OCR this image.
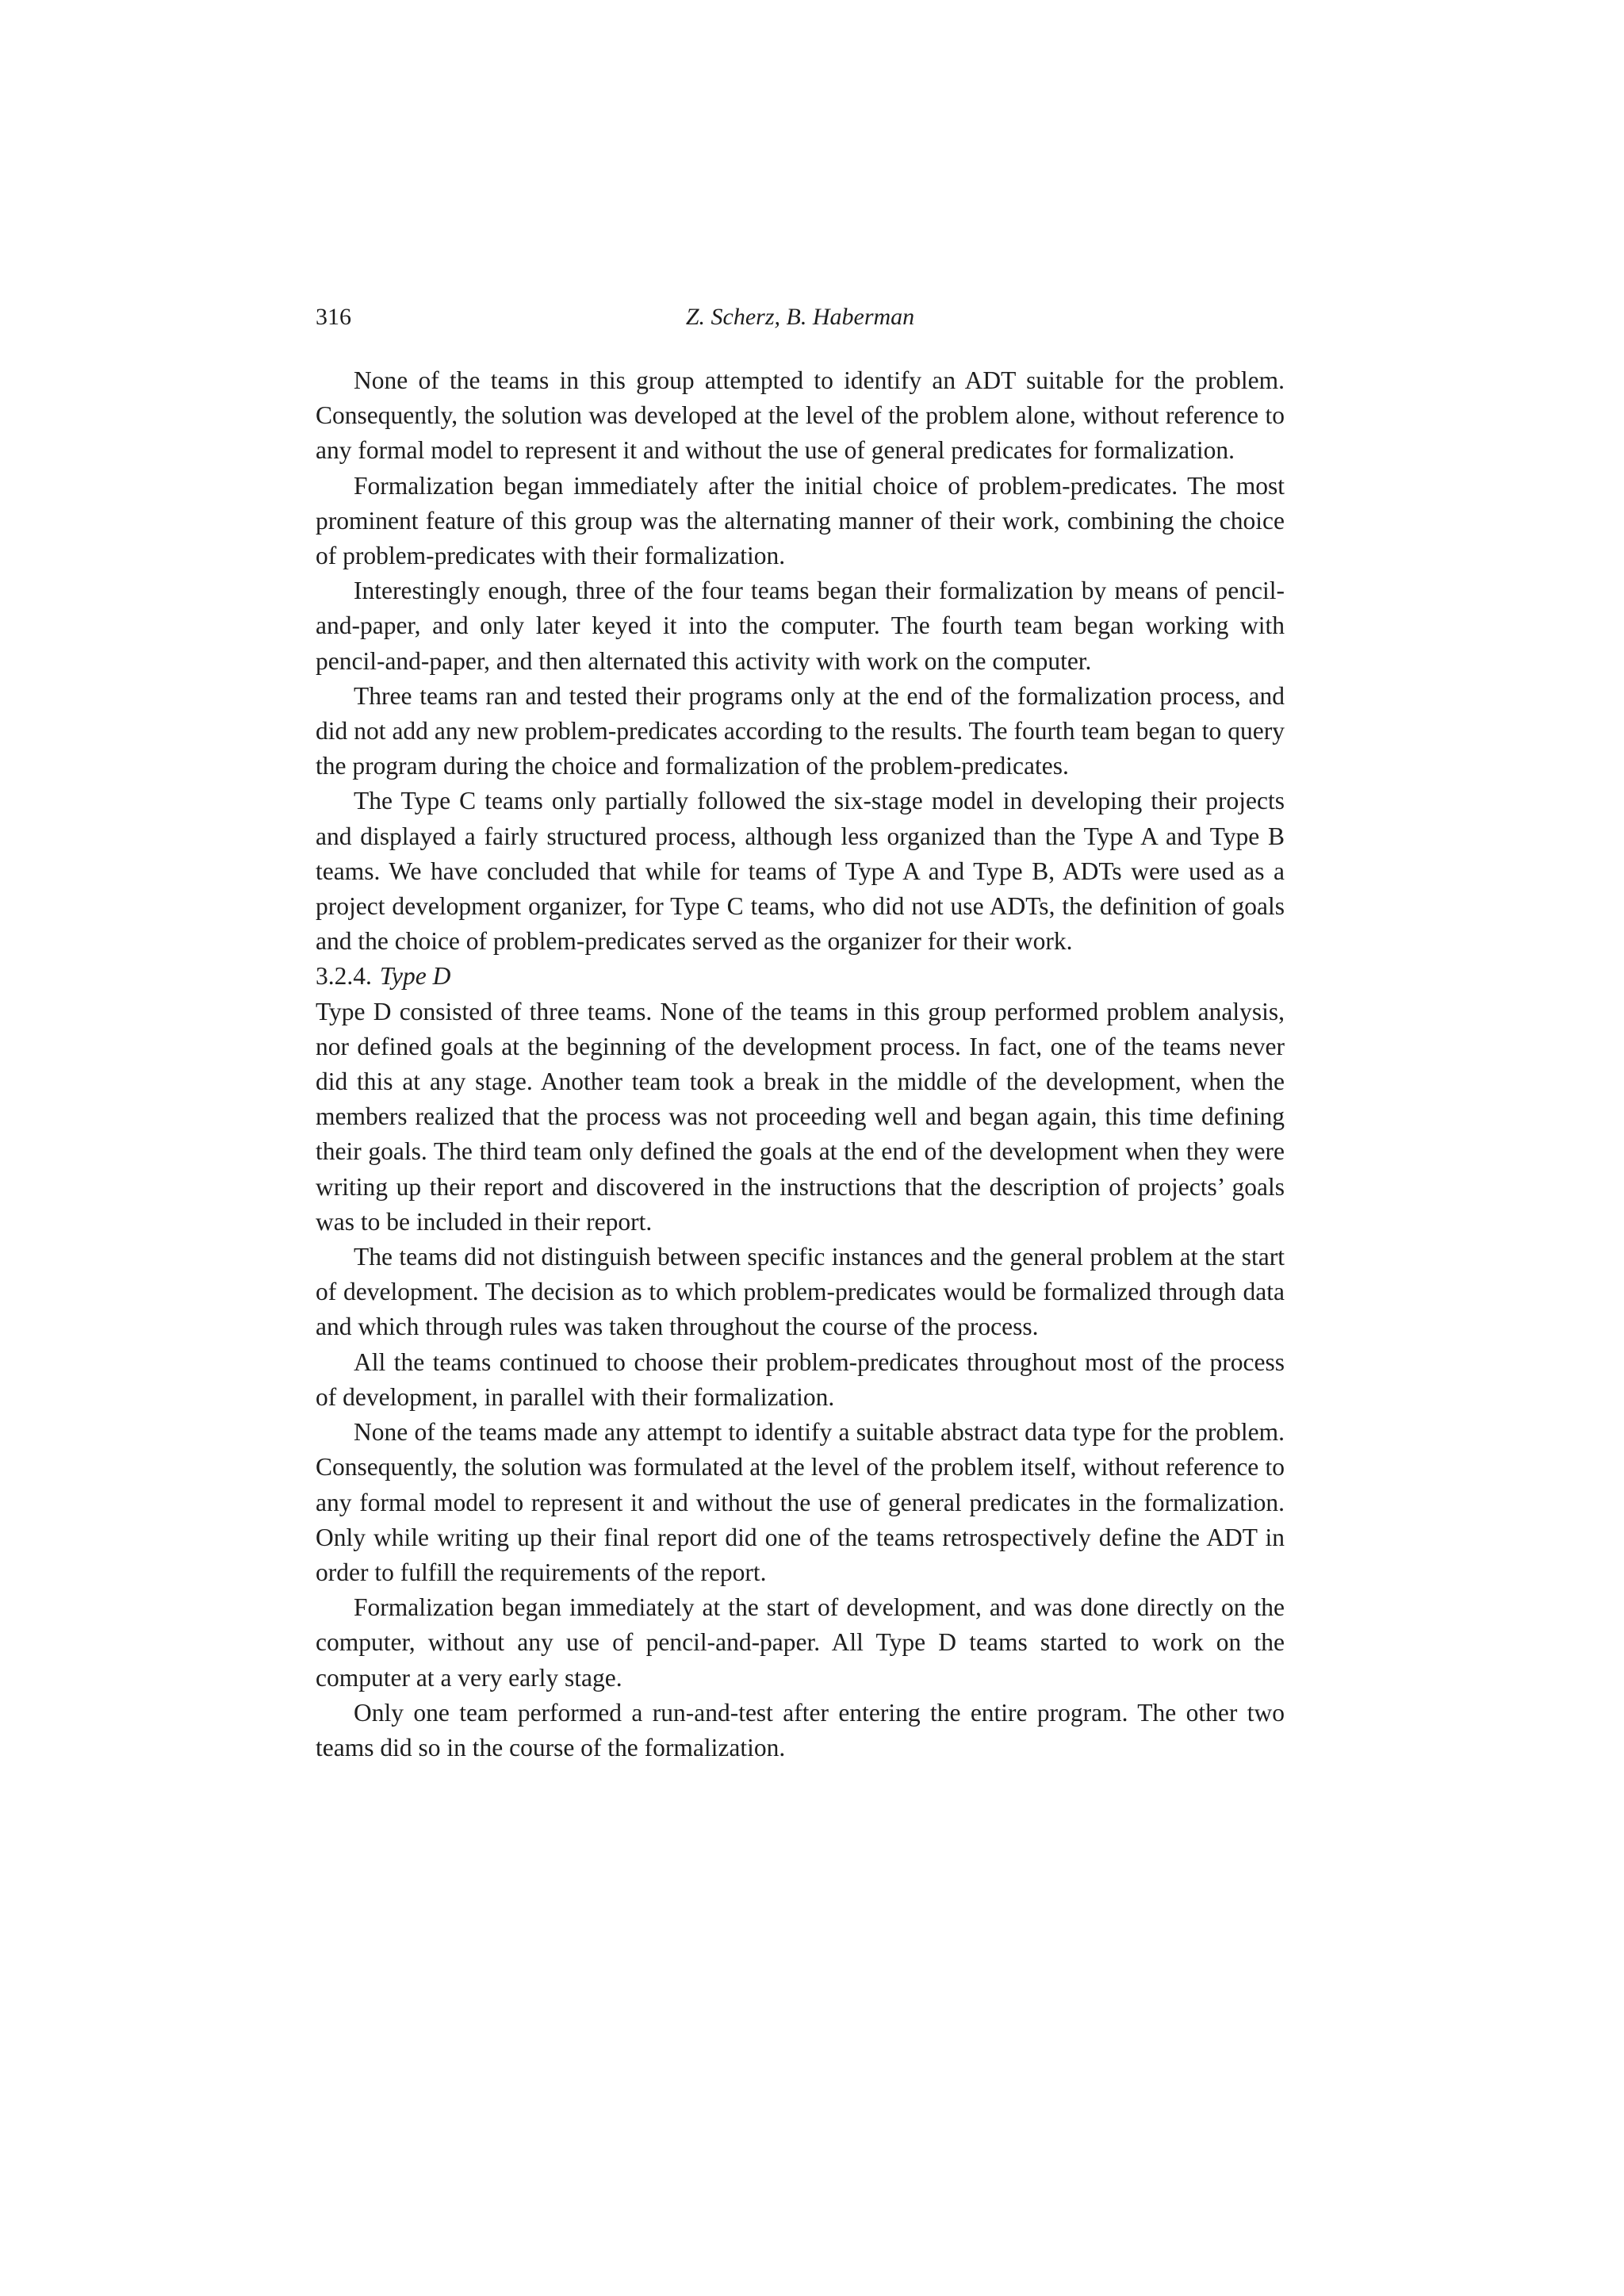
316	Z. Scherz, B. Haberman

None of the teams in this group attempted to identify an ADT suitable for the problem. Consequently, the solution was developed at the level of the problem alone, without reference to any formal model to represent it and without the use of general predicates for formalization.

Formalization began immediately after the initial choice of problem-predicates. The most prominent feature of this group was the alternating manner of their work, combining the choice of problem-predicates with their formalization.

Interestingly enough, three of the four teams began their formalization by means of pencil-and-paper, and only later keyed it into the computer. The fourth team began working with pencil-and-paper, and then alternated this activity with work on the computer.

Three teams ran and tested their programs only at the end of the formalization process, and did not add any new problem-predicates according to the results. The fourth team began to query the program during the choice and formalization of the problem-predicates.

The Type C teams only partially followed the six-stage model in developing their projects and displayed a fairly structured process, although less organized than the Type A and Type B teams. We have concluded that while for teams of Type A and Type B, ADTs were used as a project development organizer, for Type C teams, who did not use ADTs, the definition of goals and the choice of problem-predicates served as the organizer for their work.

3.2.4. Type D

Type D consisted of three teams. None of the teams in this group performed problem analysis, nor defined goals at the beginning of the development process. In fact, one of the teams never did this at any stage. Another team took a break in the middle of the development, when the members realized that the process was not proceeding well and began again, this time defining their goals. The third team only defined the goals at the end of the development when they were writing up their report and discovered in the instructions that the description of projects’ goals was to be included in their report.

The teams did not distinguish between specific instances and the general problem at the start of development. The decision as to which problem-predicates would be formalized through data and which through rules was taken throughout the course of the process.

All the teams continued to choose their problem-predicates throughout most of the process of development, in parallel with their formalization.

None of the teams made any attempt to identify a suitable abstract data type for the problem. Consequently, the solution was formulated at the level of the problem itself, without reference to any formal model to represent it and without the use of general predicates in the formalization. Only while writing up their final report did one of the teams retrospectively define the ADT in order to fulfill the requirements of the report.

Formalization began immediately at the start of development, and was done directly on the computer, without any use of pencil-and-paper. All Type D teams started to work on the computer at a very early stage.

Only one team performed a run-and-test after entering the entire program. The other two teams did so in the course of the formalization.
